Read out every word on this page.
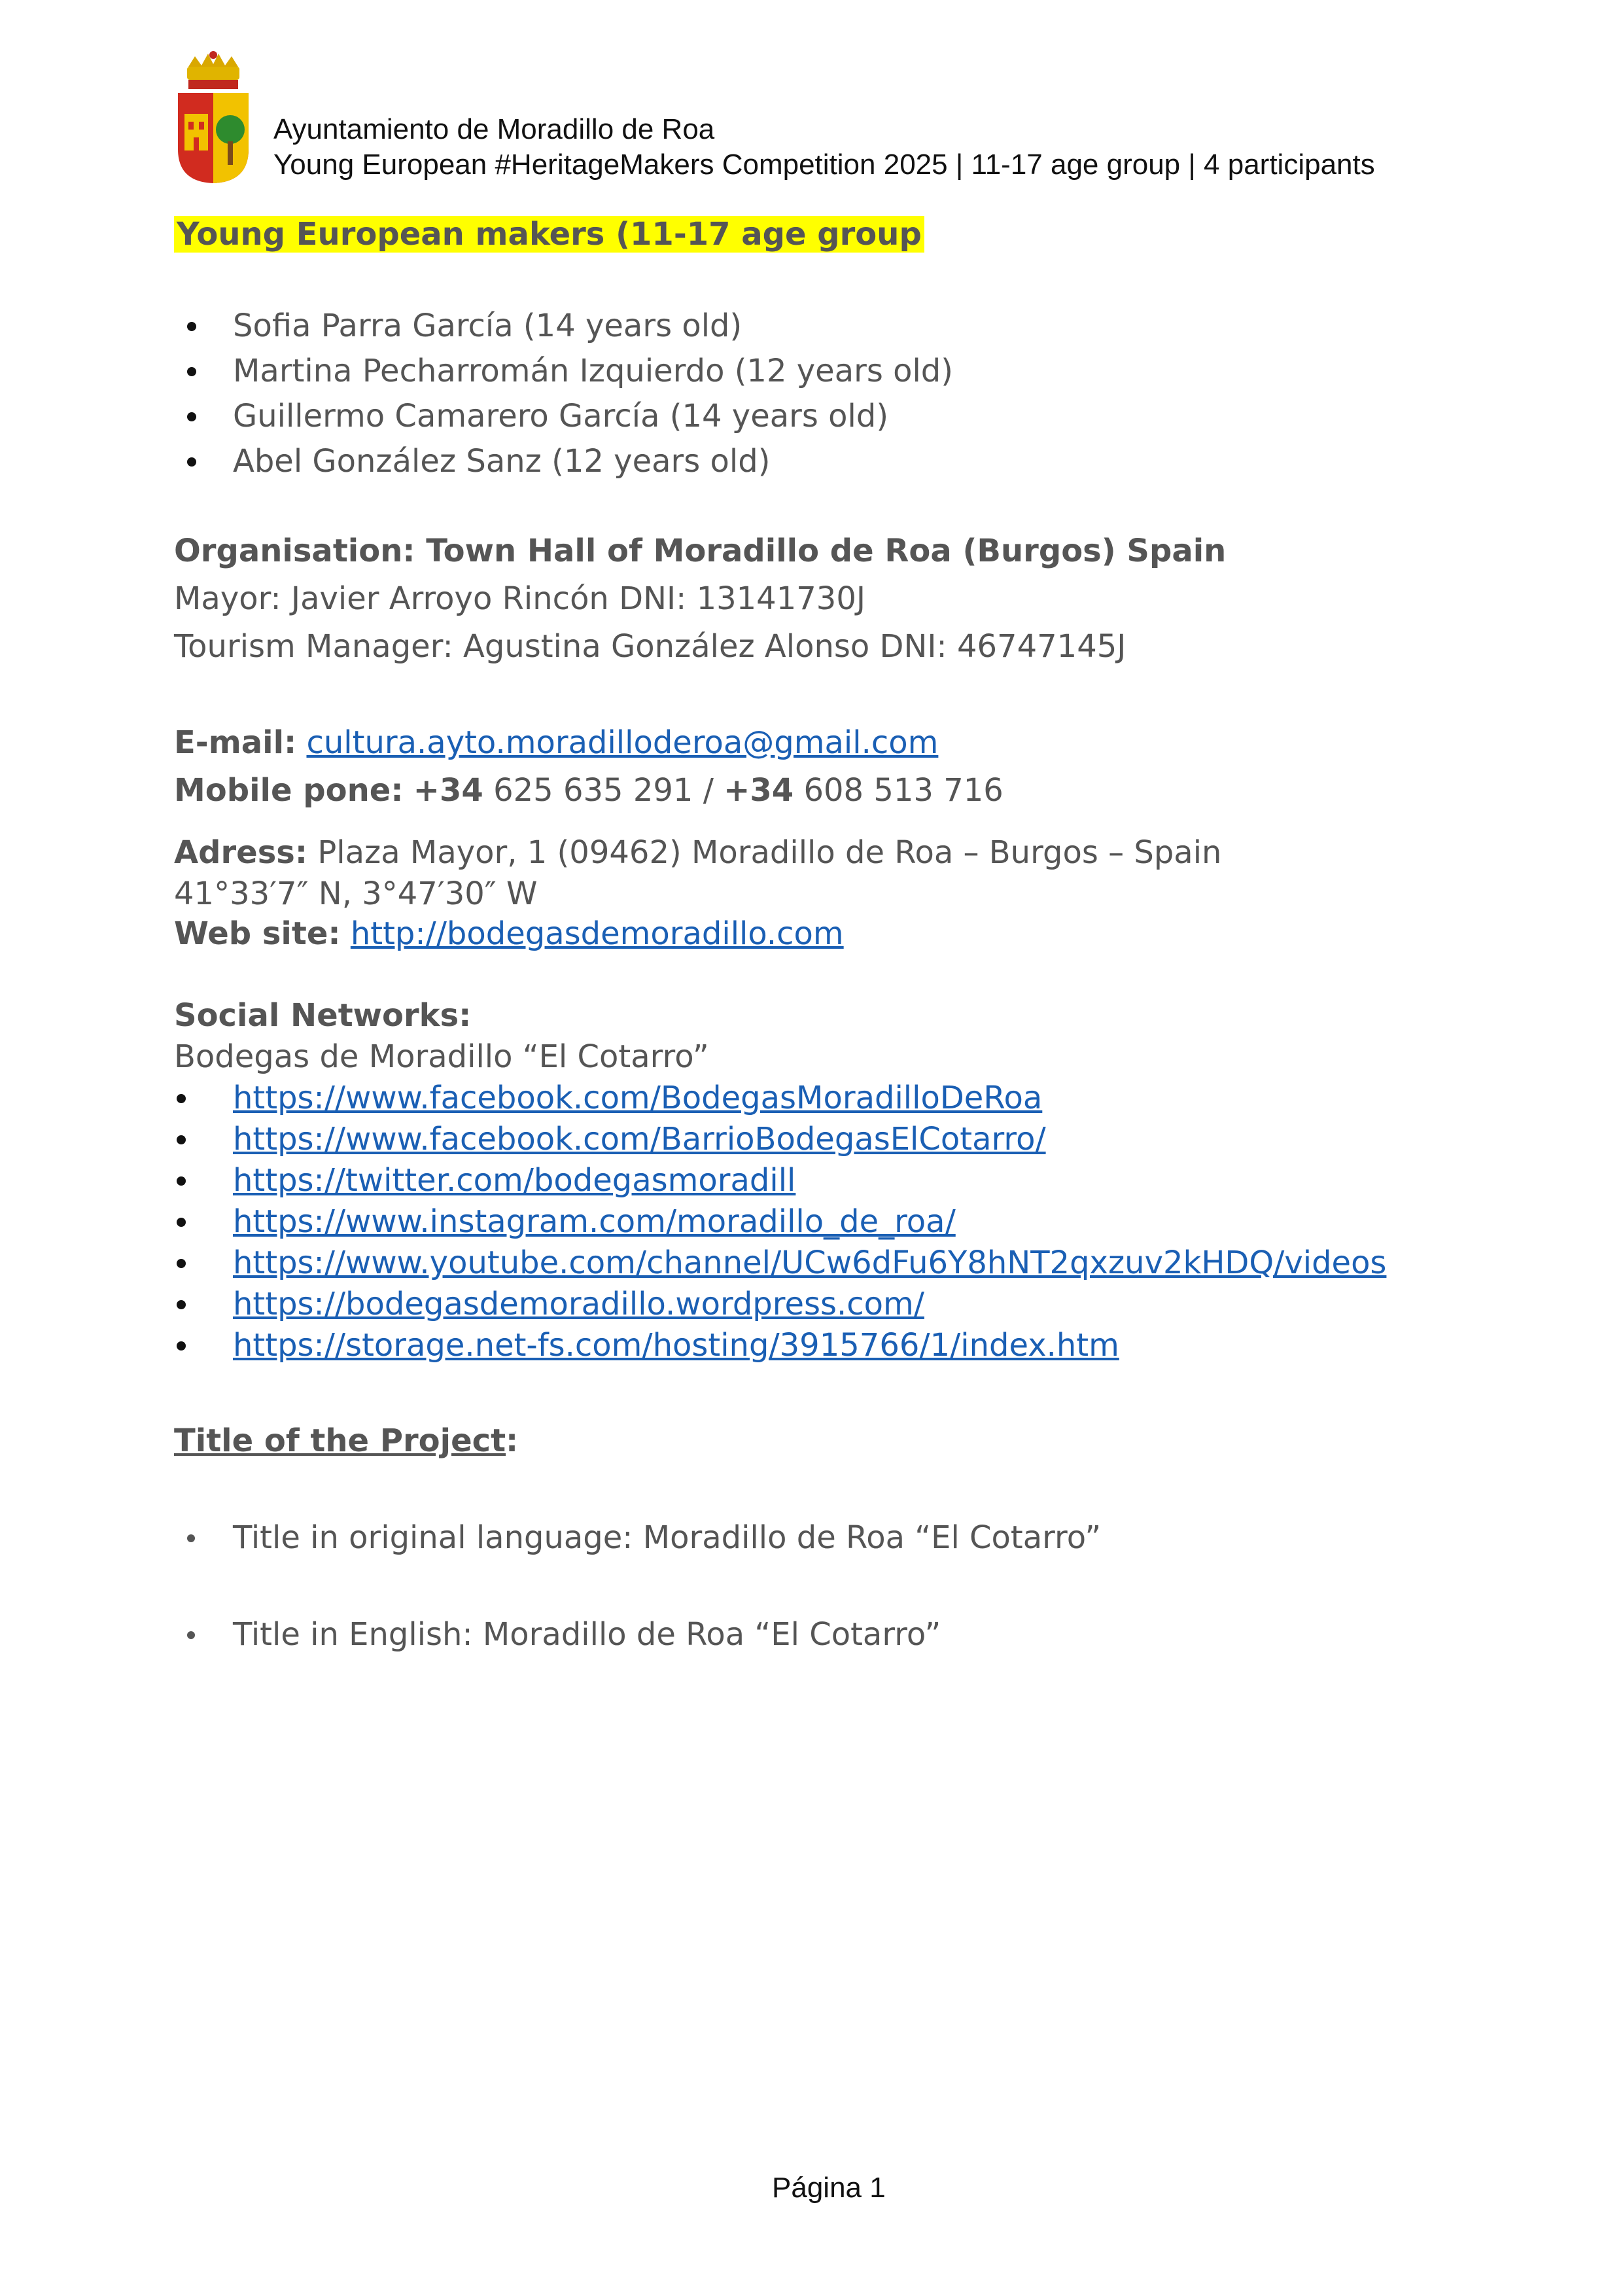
Ayuntamiento de Moradillo de Roa
Young European #HeritageMakers Competition 2025 | 11-17 age group | 4 participants
Young European makers (11-17 age group
Sofia Parra García (14 years old)
Martina Pecharromán Izquierdo (12 years old)
Guillermo Camarero García (14 years old)
Abel González Sanz (12 years old)
Organisation: Town Hall of Moradillo de Roa (Burgos) Spain
Mayor: Javier Arroyo Rincón DNI: 13141730J
Tourism Manager: Agustina González Alonso DNI: 46747145J
E-mail: cultura.ayto.moradilloderoa@gmail.com
Mobile pone: +34 625 635 291 / +34 608 513 716
Adress: Plaza Mayor, 1 (09462) Moradillo de Roa – Burgos – Spain
41°33′7″ N, 3°47′30″ W
Web site: http://bodegasdemoradillo.com
Social Networks:
Bodegas de Moradillo “El Cotarro”
https://www.facebook.com/BodegasMoradilloDeRoa
https://www.facebook.com/BarrioBodegasElCotarro/
https://twitter.com/bodegasmoradill
https://www.instagram.com/moradillo_de_roa/
https://www.youtube.com/channel/UCw6dFu6Y8hNT2qxzuv2kHDQ/videos
https://bodegasdemoradillo.wordpress.com/
https://storage.net-fs.com/hosting/3915766/1/index.htm
Title of the Project:
Title in original language: Moradillo de Roa “El Cotarro”
Title in English: Moradillo de Roa “El Cotarro”
Página 1
